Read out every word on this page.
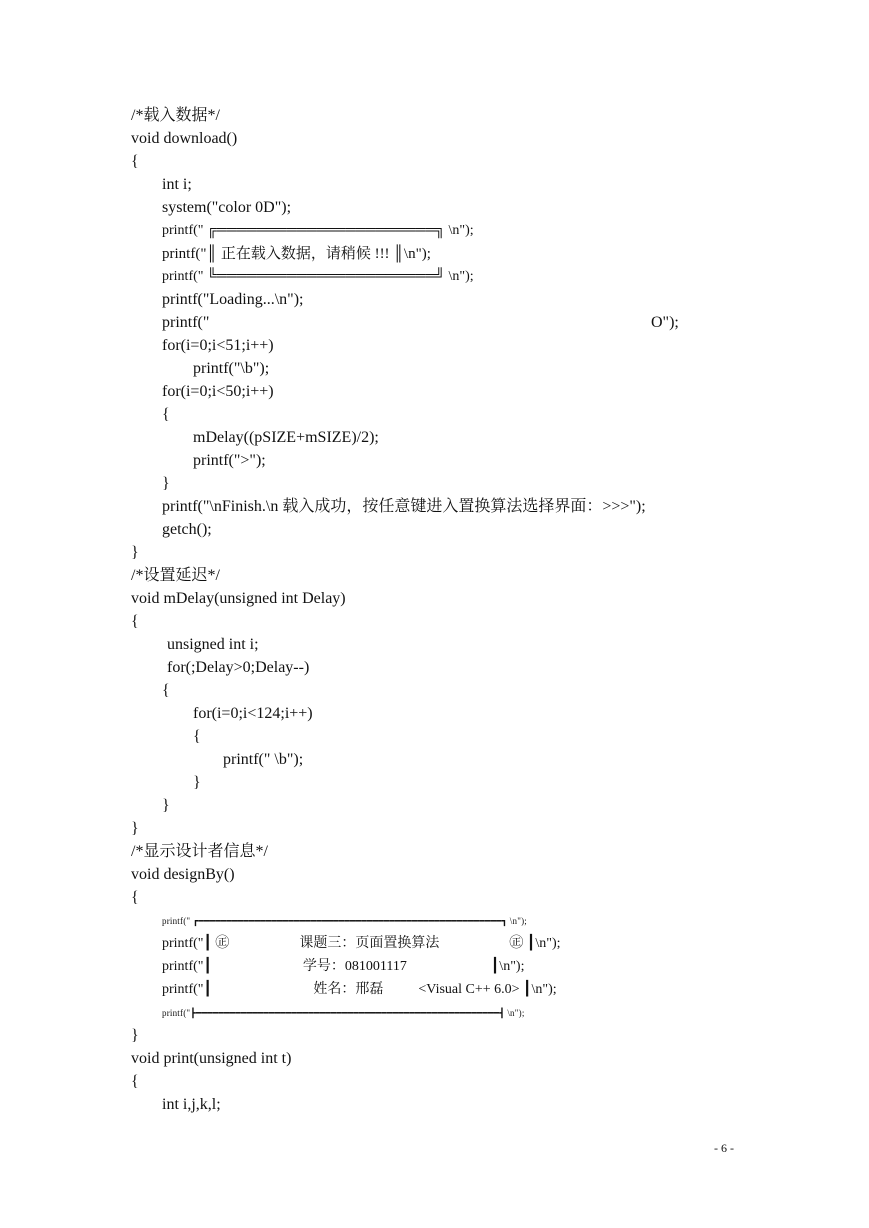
/*载入数据*/
void download()
{
int i;
system("color 0D");
printf(" ╔══════════════════════╗ \n");
printf("║ 正在载入数据，请稍候 !!! ║\n");
printf(" ╚══════════════════════╝ \n");
printf("Loading...\n");
printf("	O");
for(i=0;i<51;i++)
printf("\b");
for(i=0;i<50;i++)
{
mDelay((pSIZE+mSIZE)/2);
printf(">");
}
printf("\nFinish.\n 载入成功，按任意键进入置换算法选择界面：>>>");
getch();
}
/*设置延迟*/
void mDelay(unsigned int Delay)
{
unsigned int i;
for(;Delay>0;Delay--)
{
for(i=0;i<124;i++)
{
printf(" \b");
}
}
}
/*显示设计者信息*/
void designBy()
{
printf(" ┏━━━━━━━━━━━━━━━━━━━━━━━━━━━━━━━━━━━━━━━━━━━━━━━━━━━━━━┓ \n");
printf("┃ ㊣                    课题三：页面置换算法                    ㊣ ┃\n");
printf("┃                          学号：081001117                        ┃\n");
printf("┃                             姓名：邢磊          <Visual C++ 6.0> ┃\n");
printf("┣━━━━━━━━━━━━━━━━━━━━━━━━━━━━━━━━━━━━━━━━━━━━━━━━━━━━━━┫ \n");
}
void print(unsigned int t)
{
int i,j,k,l;
- 6 -
